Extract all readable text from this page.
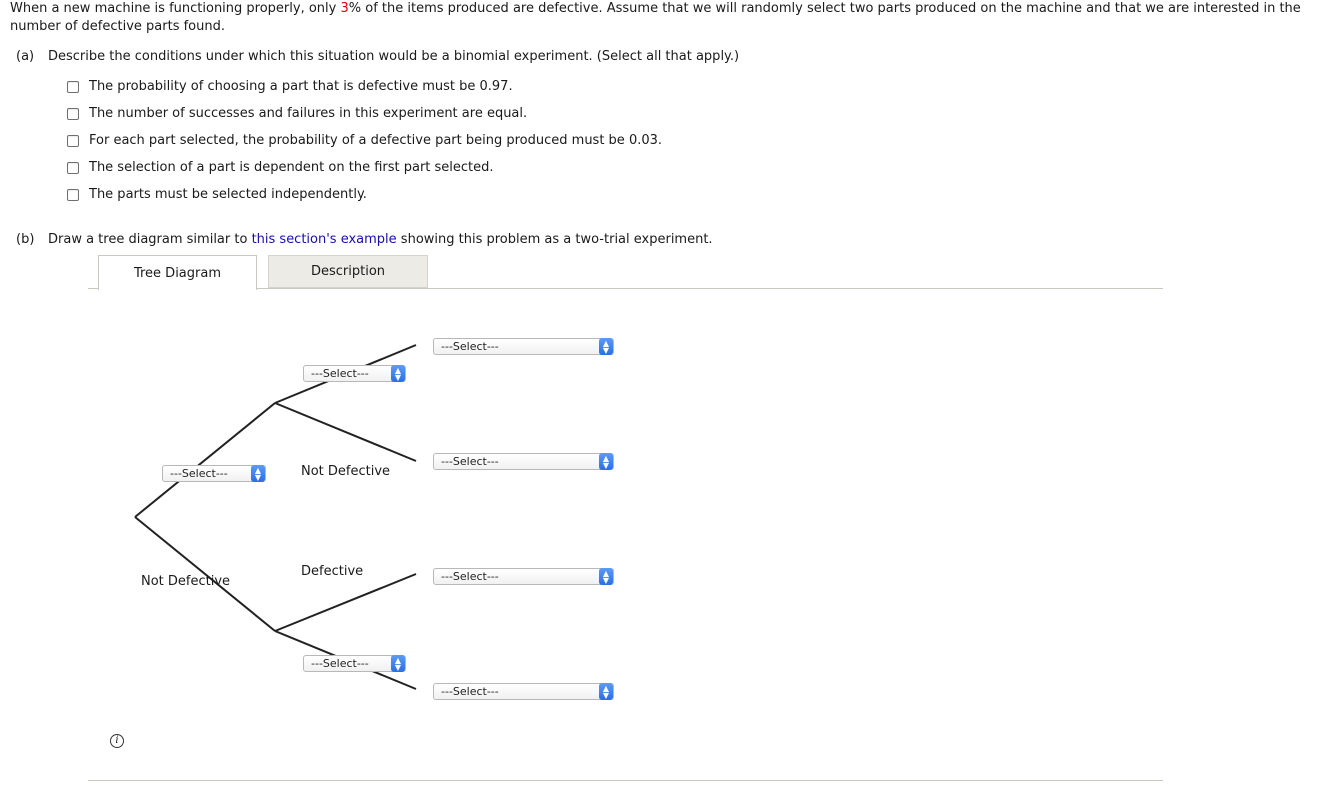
When a new machine is functioning properly, only 3% of the items produced are defective. Assume that we will randomly select two parts produced on the machine and that we are interested in the number of defective parts found.
(a) Describe the conditions under which this situation would be a binomial experiment. (Select all that apply.)
The probability of choosing a part that is defective must be 0.97.
The number of successes and failures in this experiment are equal.
For each part selected, the probability of a defective part being produced must be 0.03.
The selection of a part is dependent on the first part selected.
The parts must be selected independently.
(b) Draw a tree diagram similar to this section's example showing this problem as a two-trial experiment.
Tree Diagram	Description
---Select---	▲
▼
Not Defective
---Select---	▲
▼
Not Defective
Defective
---Select---	▲
▼
---Select---	▲
▼
---Select---	▲
▼
---Select---	▲
▼
---Select---	▲
▼
i
